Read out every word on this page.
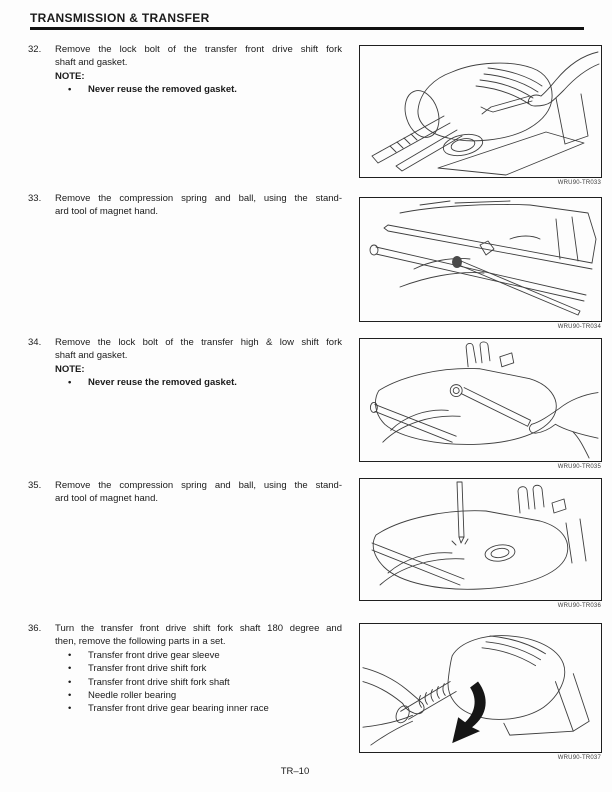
TRANSMISSION & TRANSFER
32.	Remove the lock bolt of the transfer front drive shift fork
shaft and gasket.
NOTE:
• Never reuse the removed gasket.
33.	Remove the compression spring and ball, using the stand-
ard tool of magnet hand.
34.	Remove the lock bolt of the transfer high & low shift fork
shaft and gasket.
NOTE:
• Never reuse the removed gasket.
35.	Remove the compression spring and ball, using the stand-
ard tool of magnet hand.
36.	Turn the transfer front drive shift fork shaft 180 degree and
then, remove the following parts in a set.
• Transfer front drive gear sleeve
• Transfer front drive shift fork
• Transfer front drive shift fork shaft
• Needle roller bearing
• Transfer front drive gear bearing inner race
WRU90-TR033
WRU90-TR034
WRU90-TR035
WRU90-TR036
WRU90-TR037
TR–10
